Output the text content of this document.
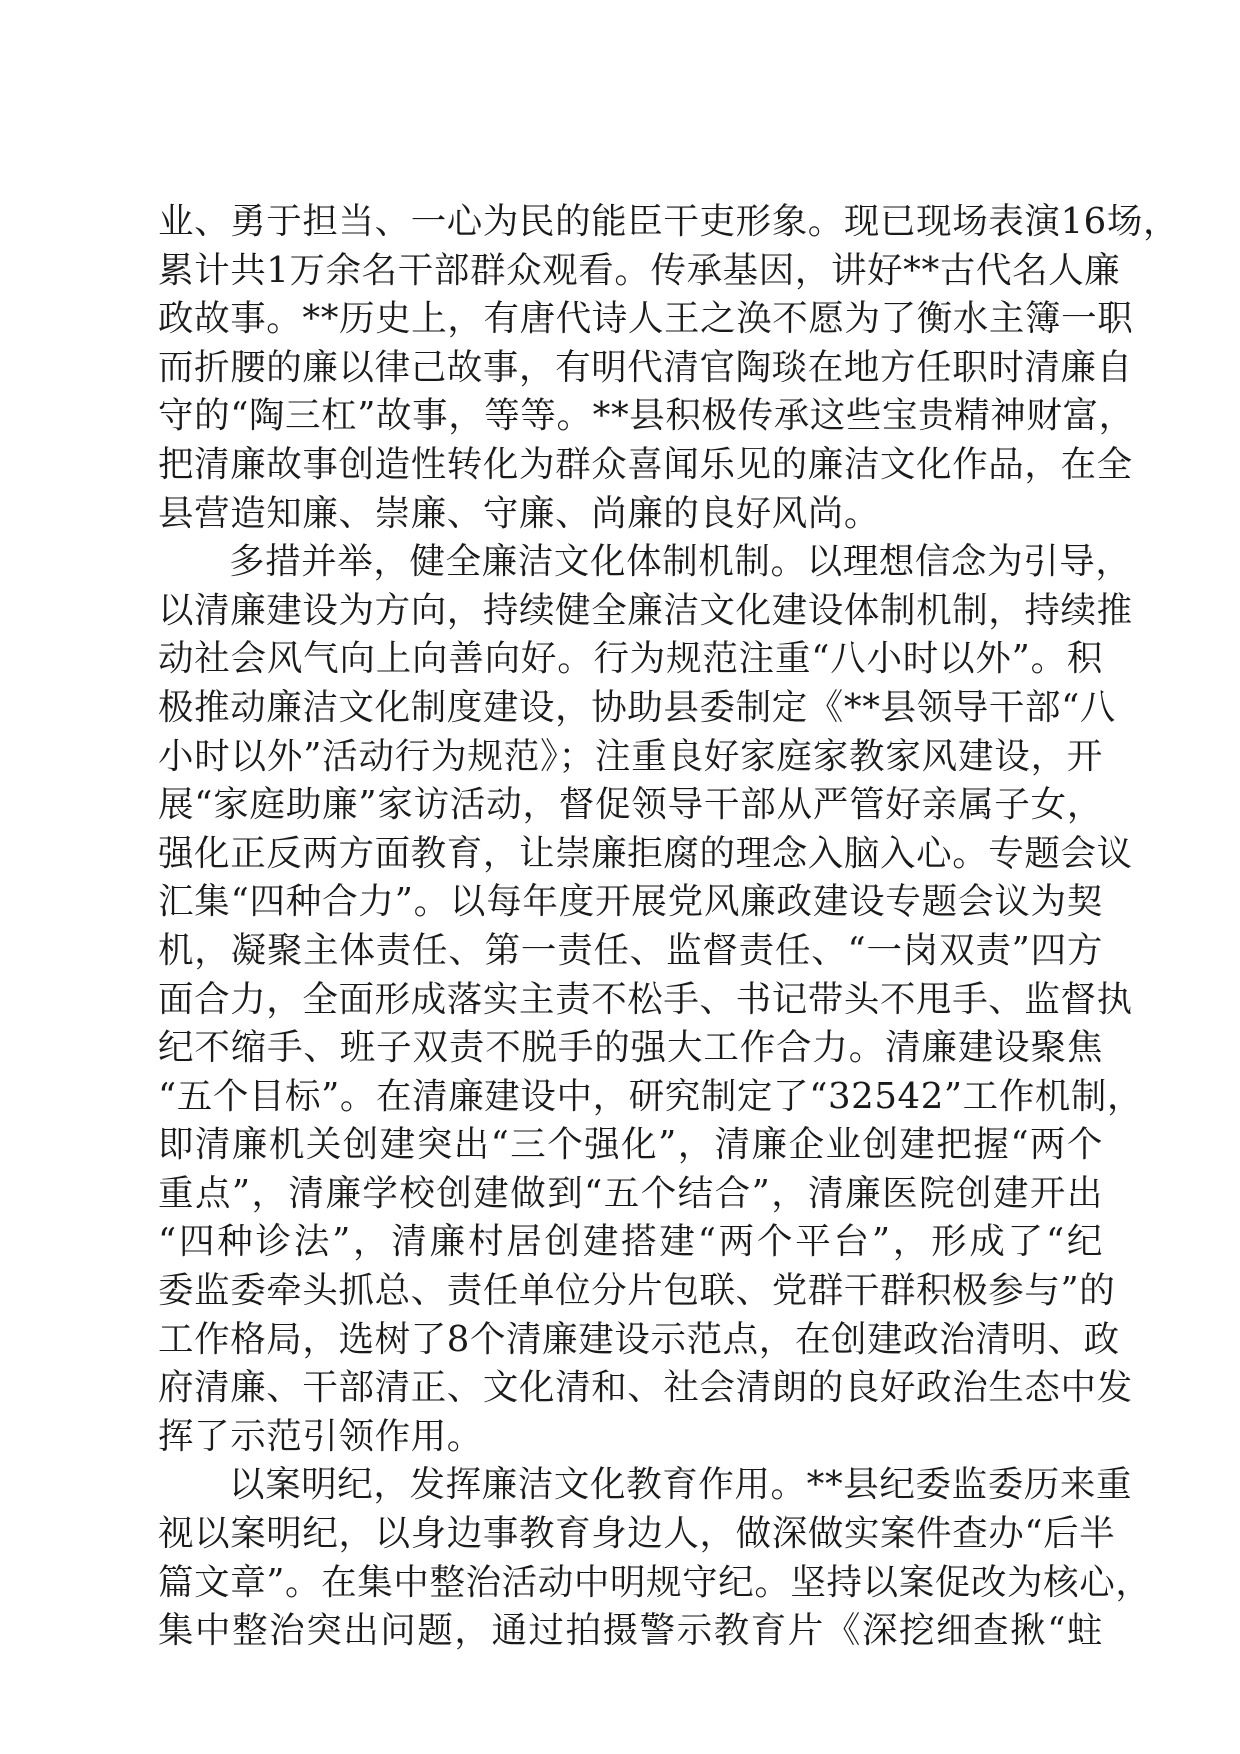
业、勇于担当、一心为民的能臣干吏形象。现已现场表演16场，
累计共1万余名干部群众观看。传承基因，讲好**古代名人廉
政故事。**历史上，有唐代诗人王之涣不愿为了衡水主簿一职
而折腰的廉以律己故事，有明代清官陶琰在地方任职时清廉自
守的“陶三杠”故事，等等。**县积极传承这些宝贵精神财富，
把清廉故事创造性转化为群众喜闻乐见的廉洁文化作品，在全
县营造知廉、崇廉、守廉、尚廉的良好风尚。
多措并举，健全廉洁文化体制机制。以理想信念为引导，
以清廉建设为方向，持续健全廉洁文化建设体制机制，持续推
动社会风气向上向善向好。行为规范注重“八小时以外”。积
极推动廉洁文化制度建设，协助县委制定《**县领导干部“八
小时以外”活动行为规范》；注重良好家庭家教家风建设，开
展“家庭助廉”家访活动，督促领导干部从严管好亲属子女，
强化正反两方面教育，让崇廉拒腐的理念入脑入心。专题会议
汇集“四种合力”。以每年度开展党风廉政建设专题会议为契
机，凝聚主体责任、第一责任、监督责任、“一岗双责”四方
面合力，全面形成落实主责不松手、书记带头不甩手、监督执
纪不缩手、班子双责不脱手的强大工作合力。清廉建设聚焦
“五个目标”。在清廉建设中，研究制定了“32542”工作机制，
即清廉机关创建突出“三个强化”，清廉企业创建把握“两个
重点”，清廉学校创建做到“五个结合”，清廉医院创建开出
“四种诊法”，清廉村居创建搭建“两个平台”，形成了“纪
委监委牵头抓总、责任单位分片包联、党群干群积极参与”的
工作格局，选树了8个清廉建设示范点，在创建政治清明、政
府清廉、干部清正、文化清和、社会清朗的良好政治生态中发
挥了示范引领作用。
以案明纪，发挥廉洁文化教育作用。**县纪委监委历来重
视以案明纪，以身边事教育身边人，做深做实案件查办“后半
篇文章”。在集中整治活动中明规守纪。坚持以案促改为核心，
集中整治突出问题，通过拍摄警示教育片《深挖细查揪“蛀
